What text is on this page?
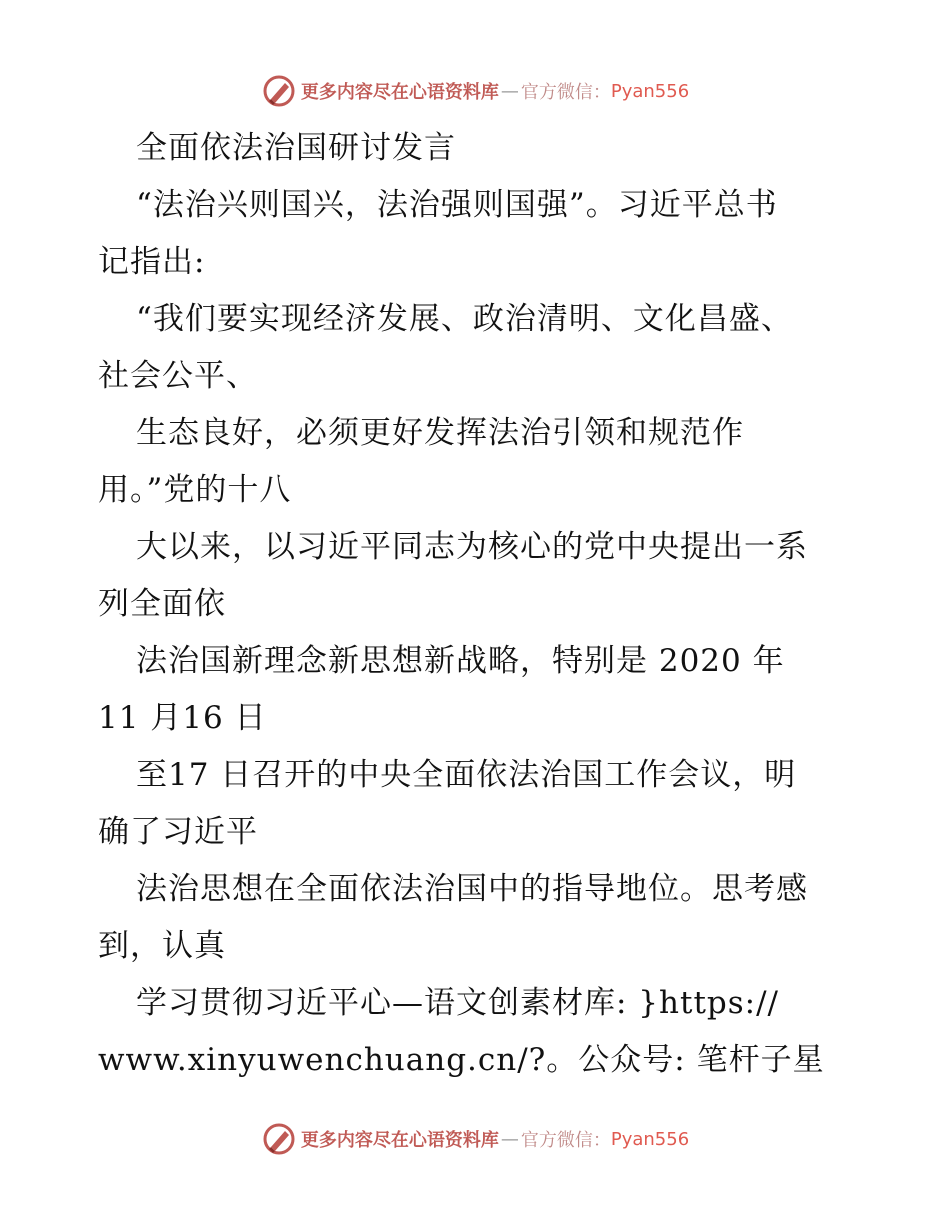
更多内容尽在心语资料库 — 官方微信： Pyan556
全面依法治国研讨发言
“法治兴则国兴，法治强则国强”。习近平总书
记指出:
“我们要实现经济发展、政治清明、文化昌盛、
社会公平、
生态良好，必须更好发挥法治引领和规范作
用。”党的十八
大以来，以习近平同志为核心的党中央提出一系
列全面依
法治国新理念新思想新战略，特别是 2020 年
11 月16 日
至17 日召开的中央全面依法治国工作会议，明
确了习近平
法治思想在全面依法治国中的指导地位。思考感
到，认真
学习贯彻习近平心—语文创素材库: }https://
www.xinyuwenchuang.cn/?。公众号: 笔杆子星
更多内容尽在心语资料库 — 官方微信： Pyan556
